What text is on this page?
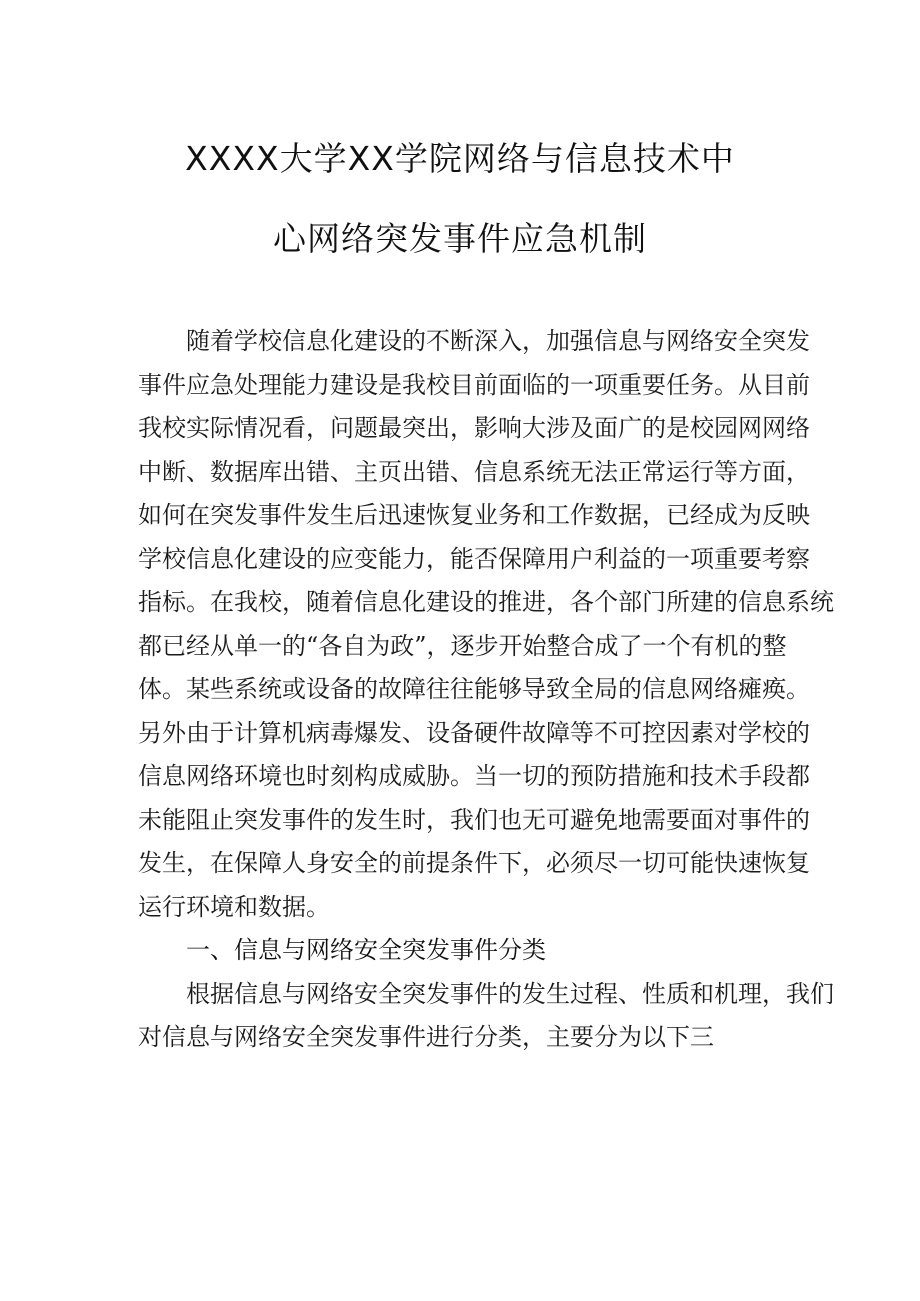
XXXX大学XX学院网络与信息技术中
心网络突发事件应急机制
随着学校信息化建设的不断深入，加强信息与网络安全突发
事件应急处理能力建设是我校目前面临的一项重要任务。从目前
我校实际情况看，问题最突出，影响大涉及面广的是校园网网络
中断、数据库出错、主页出错、信息系统无法正常运行等方面，
如何在突发事件发生后迅速恢复业务和工作数据，已经成为反映
学校信息化建设的应变能力，能否保障用户利益的一项重要考察
指标。在我校，随着信息化建设的推进，各个部门所建的信息系统
都已经从单一的“各自为政”，逐步开始整合成了一个有机的整
体。某些系统或设备的故障往往能够导致全局的信息网络瘫痪。
另外由于计算机病毒爆发、设备硬件故障等不可控因素对学校的
信息网络环境也时刻构成威胁。当一切的预防措施和技术手段都
未能阻止突发事件的发生时，我们也无可避免地需要面对事件的
发生，在保障人身安全的前提条件下，必须尽一切可能快速恢复
运行环境和数据。
一、信息与网络安全突发事件分类
根据信息与网络安全突发事件的发生过程、性质和机理，我们
对信息与网络安全突发事件进行分类，主要分为以下三
